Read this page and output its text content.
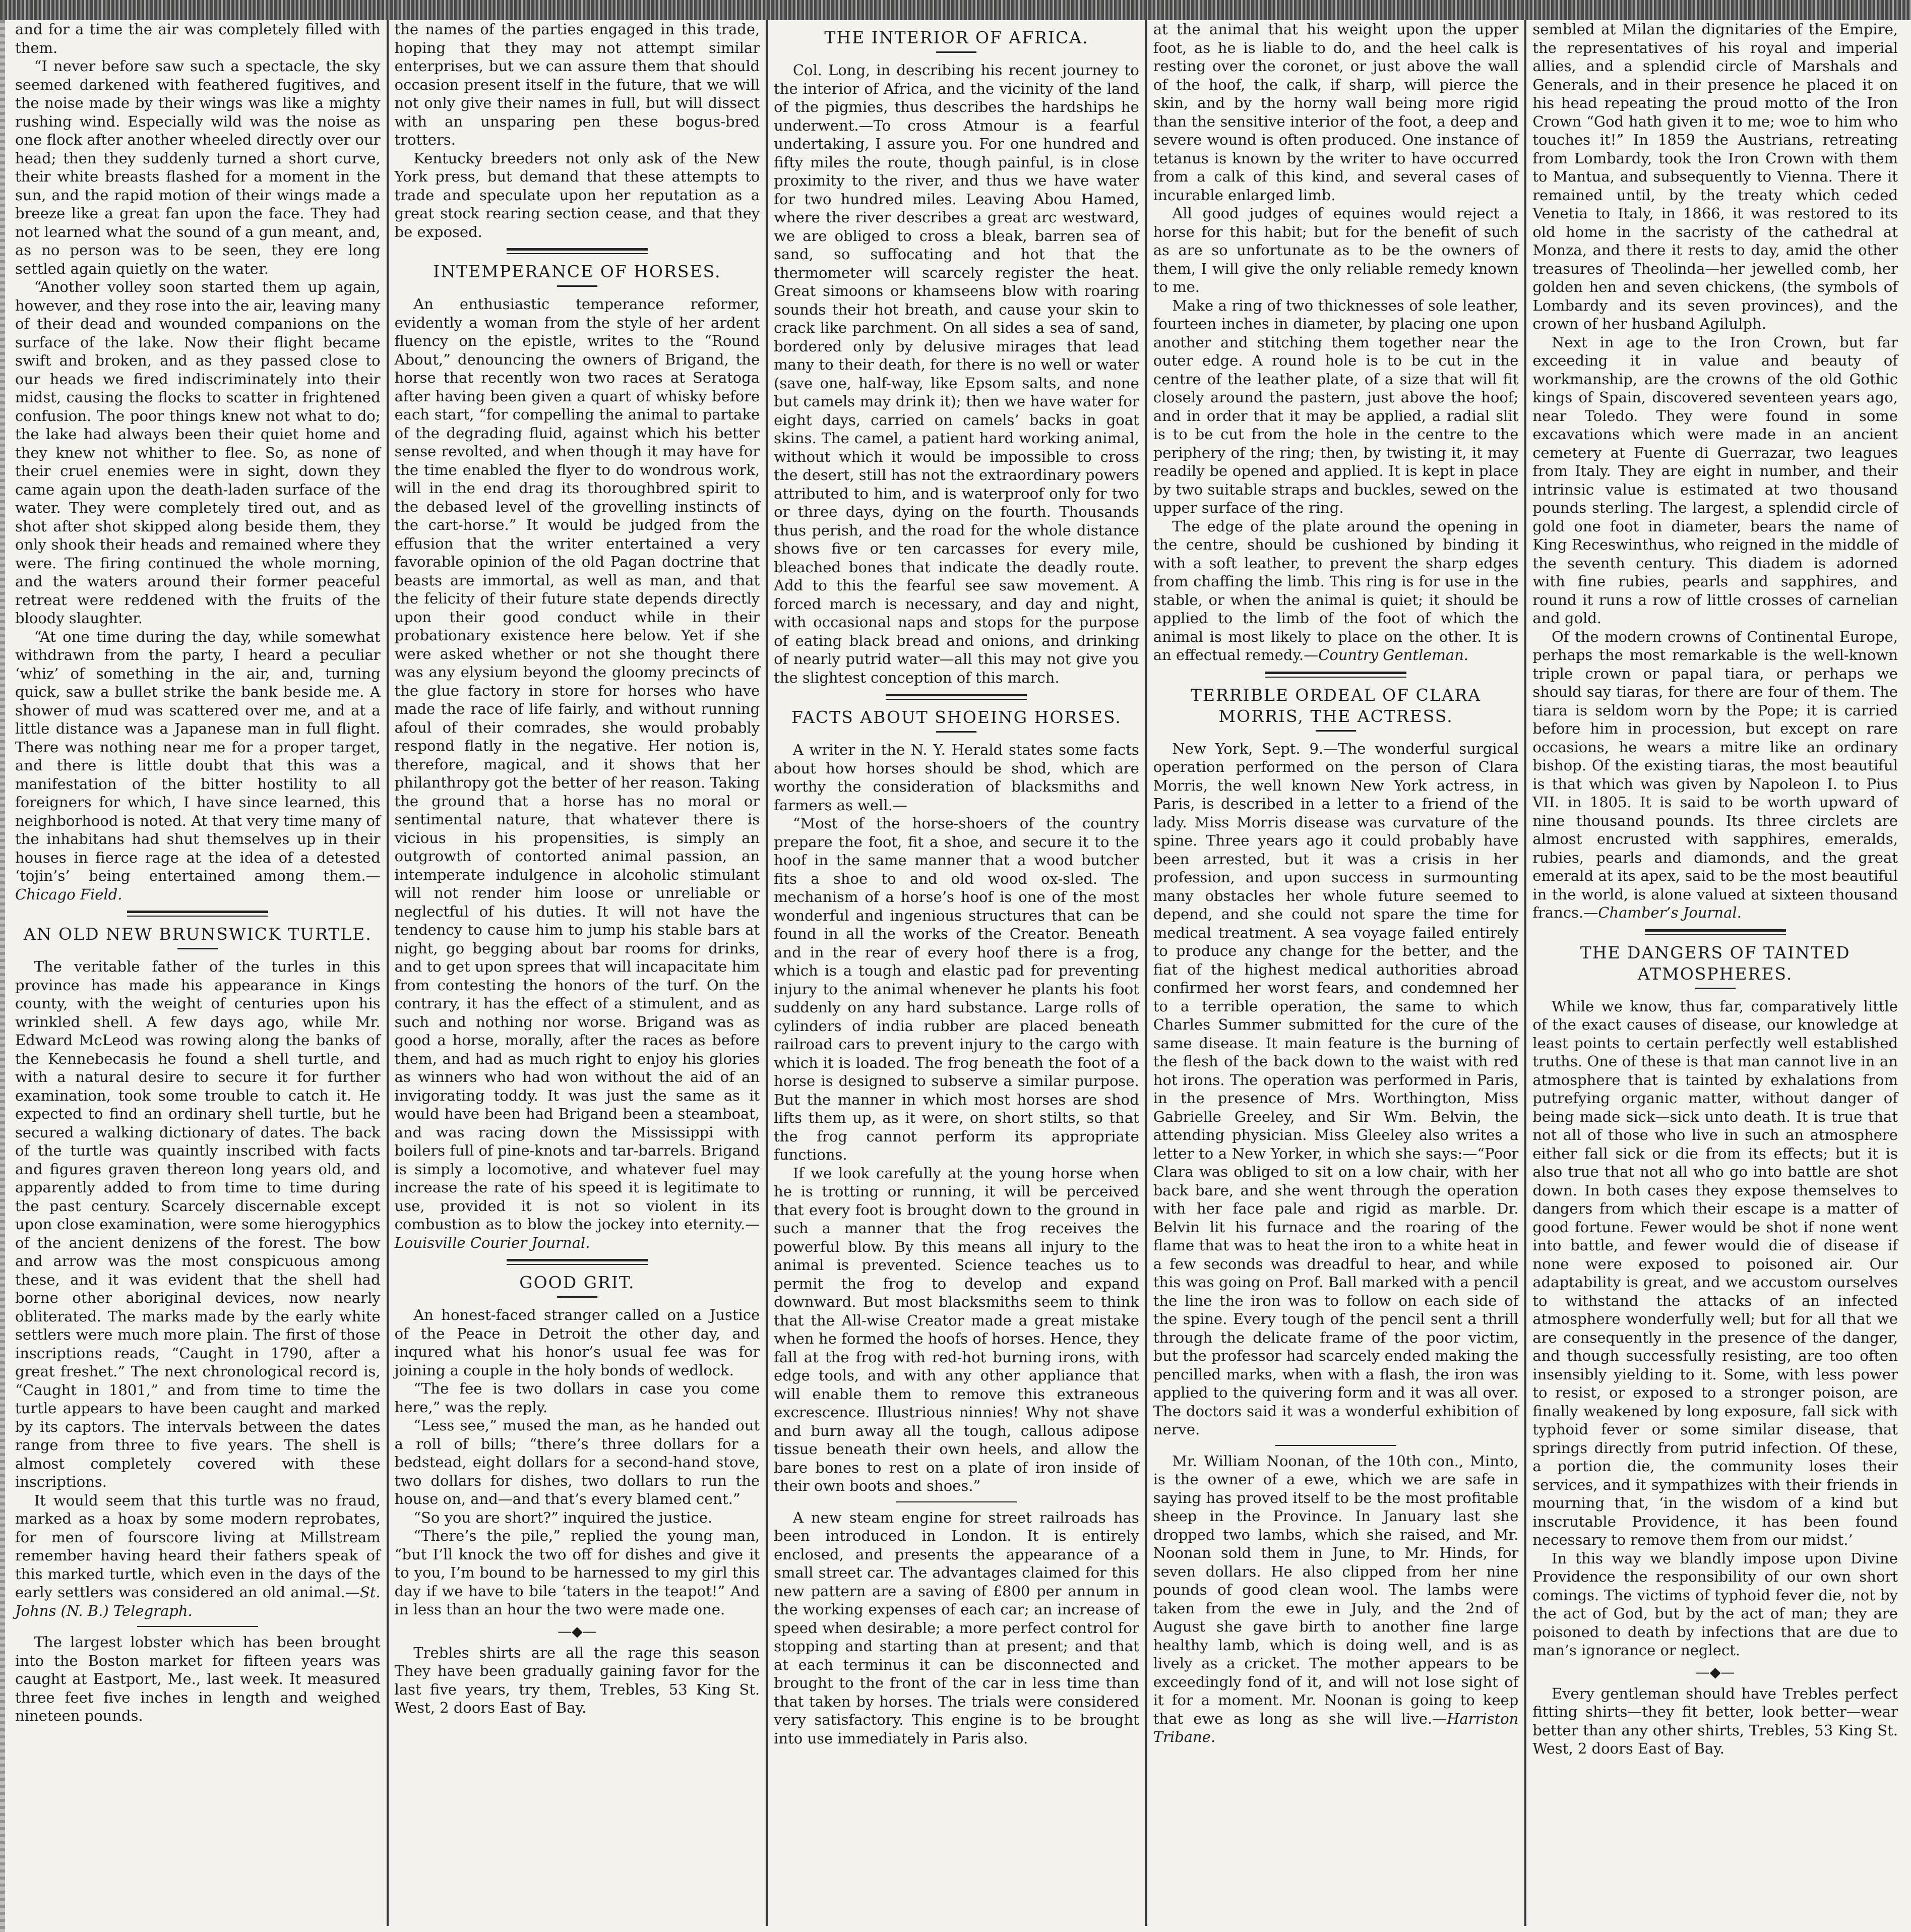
and for a time the air was completely filled with them.

“I never before saw such a spectacle, the sky seemed darkened with feathered fugitives, and the noise made by their wings was like a mighty rushing wind. Especially wild was the noise as one flock after another wheeled directly over our head; then they suddenly turned a short curve, their white breasts flashed for a moment in the sun, and the rapid motion of their wings made a breeze like a great fan upon the face. They had not learned what the sound of a gun meant, and, as no person was to be seen, they ere long settled again quietly on the water.

“Another volley soon started them up again, however, and they rose into the air, leaving many of their dead and wounded companions on the surface of the lake. Now their flight became swift and broken, and as they passed close to our heads we fired indiscriminately into their midst, causing the flocks to scatter in frightened confusion. The poor things knew not what to do; the lake had always been their quiet home and they knew not whither to flee. So, as none of their cruel enemies were in sight, down they came again upon the death-laden surface of the water. They were completely tired out, and as shot after shot skipped along beside them, they only shook their heads and remained where they were. The firing continued the whole morning, and the waters around their former peaceful retreat were reddened with the fruits of the bloody slaughter.

“At one time during the day, while somewhat withdrawn from the party, I heard a peculiar ‘whiz’ of something in the air, and, turning quick, saw a bullet strike the bank beside me. A shower of mud was scattered over me, and at a little distance was a Japanese man in full flight. There was nothing near me for a proper target, and there is little doubt that this was a manifestation of the bitter hostility to all foreigners for which, I have since learned, this neighborhood is noted. At that very time many of the inhabitans had shut themselves up in their houses in fierce rage at the idea of a detested ‘tojin’s’ being entertained among them.—Chicago Field.

AN OLD NEW BRUNSWICK TURTLE.

The veritable father of the turles in this province has made his appearance in Kings county, with the weight of centuries upon his wrinkled shell. A few days ago, while Mr. Edward McLeod was rowing along the banks of the Kennebecasis he found a shell turtle, and with a natural desire to secure it for further examination, took some trouble to catch it. He expected to find an ordinary shell turtle, but he secured a walking dictionary of dates. The back of the turtle was quaintly inscribed with facts and figures graven thereon long years old, and apparently added to from time to time during the past century. Scarcely discernable except upon close examination, were some hierogyphics of the ancient denizens of the forest. The bow and arrow was the most conspicuous among these, and it was evident that the shell had borne other aboriginal devices, now nearly obliterated. The marks made by the early white settlers were much more plain. The first of those inscriptions reads, “Caught in 1790, after a great freshet.” The next chronological record is, “Caught in 1801,” and from time to time the turtle appears to have been caught and marked by its captors. The intervals between the dates range from three to five years. The shell is almost completely covered with these inscriptions.

It would seem that this turtle was no fraud, marked as a hoax by some modern reprobates, for men of fourscore living at Millstream remember having heard their fathers speak of this marked turtle, which even in the days of the early settlers was considered an old animal.—St. Johns (N. B.) Telegraph.

The largest lobster which has been brought into the Boston market for fifteen years was caught at Eastport, Me., last week. It measured three feet five inches in length and weighed nineteen pounds.

the names of the parties engaged in this trade, hoping that they may not attempt similar enterprises, but we can assure them that should occasion present itself in the future, that we will not only give their names in full, but will dissect with an unsparing pen these bogus-bred trotters.

Kentucky breeders not only ask of the New York press, but demand that these attempts to trade and speculate upon her reputation as a great stock rearing section cease, and that they be exposed.

INTEMPERANCE OF HORSES.

An enthusiastic temperance reformer, evidently a woman from the style of her ardent fluency on the epistle, writes to the “Round About,” denouncing the owners of Brigand, the horse that recently won two races at Seratoga after having been given a quart of whisky before each start, “for compelling the animal to partake of the degrading fluid, against which his better sense revolted, and when though it may have for the time enabled the flyer to do wondrous work, will in the end drag its thoroughbred spirit to the debased level of the grovelling instincts of the cart-horse.” It would be judged from the effusion that the writer entertained a very favorable opinion of the old Pagan doctrine that beasts are immortal, as well as man, and that the felicity of their future state depends directly upon their good conduct while in their probationary existence here below. Yet if she were asked whether or not she thought there was any elysium beyond the gloomy precincts of the glue factory in store for horses who have made the race of life fairly, and without running afoul of their comrades, she would probably respond flatly in the negative. Her notion is, therefore, magical, and it shows that her philanthropy got the better of her reason. Taking the ground that a horse has no moral or sentimental nature, that whatever there is vicious in his propensities, is simply an outgrowth of contorted animal passion, an intemperate indulgence in alcoholic stimulant will not render him loose or unreliable or neglectful of his duties. It will not have the tendency to cause him to jump his stable bars at night, go begging about bar rooms for drinks, and to get upon sprees that will incapacitate him from contesting the honors of the turf. On the contrary, it has the effect of a stimulent, and as such and nothing nor worse. Brigand was as good a horse, morally, after the races as before them, and had as much right to enjoy his glories as winners who had won without the aid of an invigorating toddy. It was just the same as it would have been had Brigand been a steamboat, and was racing down the Mississippi with boilers full of pine-knots and tar-barrels. Brigand is simply a locomotive, and whatever fuel may increase the rate of his speed it is legitimate to use, provided it is not so violent in its combustion as to blow the jockey into eternity.—Louisville Courier Journal.

GOOD GRIT.

An honest-faced stranger called on a Justice of the Peace in Detroit the other day, and inqured what his honor’s usual fee was for joining a couple in the holy bonds of wedlock.

“The fee is two dollars in case you come here,” was the reply.

“Less see,” mused the man, as he handed out a roll of bills; “there’s three dollars for a bedstead, eight dollars for a second-hand stove, two dollars for dishes, two dollars to run the house on, and—and that’s every blamed cent.”

“So you are short?” inquired the justice.

“There’s the pile,” replied the young man, “but I’ll knock the two off for dishes and give it to you, I’m bound to be harnessed to my girl this day if we have to bile ‘taters in the teapot!” And in less than an hour the two were made one.

—◆—

Trebles shirts are all the rage this season They have been gradually gaining favor for the last five years, try them, Trebles, 53 King St. West, 2 doors East of Bay.

THE INTERIOR OF AFRICA.

Col. Long, in describing his recent journey to the interior of Africa, and the vicinity of the land of the pigmies, thus describes the hardships he underwent.—To cross Atmour is a fearful undertaking, I assure you. For one hundred and fifty miles the route, though painful, is in close proximity to the river, and thus we have water for two hundred miles. Leaving Abou Hamed, where the river describes a great arc westward, we are obliged to cross a bleak, barren sea of sand, so suffocating and hot that the thermometer will scarcely register the heat. Great simoons or khamseens blow with roaring sounds their hot breath, and cause your skin to crack like parchment. On all sides a sea of sand, bordered only by delusive mirages that lead many to their death, for there is no well or water (save one, half-way, like Epsom salts, and none but camels may drink it); then we have water for eight days, carried on camels’ backs in goat skins. The camel, a patient hard working animal, without which it would be impossible to cross the desert, still has not the extraordinary powers attributed to him, and is waterproof only for two or three days, dying on the fourth. Thousands thus perish, and the road for the whole distance shows five or ten carcasses for every mile, bleached bones that indicate the deadly route. Add to this the fearful see saw movement. A forced march is necessary, and day and night, with occasional naps and stops for the purpose of eating black bread and onions, and drinking of nearly putrid water—all this may not give you the slightest conception of this march.

FACTS ABOUT SHOEING HORSES.

A writer in the N. Y. Herald states some facts about how horses should be shod, which are worthy the consideration of blacksmiths and farmers as well.—

“Most of the horse-shoers of the country prepare the foot, fit a shoe, and secure it to the hoof in the same manner that a wood butcher fits a shoe to and old wood ox-sled. The mechanism of a horse’s hoof is one of the most wonderful and ingenious structures that can be found in all the works of the Creator. Beneath and in the rear of every hoof there is a frog, which is a tough and elastic pad for preventing injury to the animal whenever he plants his foot suddenly on any hard substance. Large rolls of cylinders of india rubber are placed beneath railroad cars to prevent injury to the cargo with which it is loaded. The frog beneath the foot of a horse is designed to subserve a similar purpose. But the manner in which most horses are shod lifts them up, as it were, on short stilts, so that the frog cannot perform its appropriate functions.

If we look carefully at the young horse when he is trotting or running, it will be perceived that every foot is brought down to the ground in such a manner that the frog receives the powerful blow. By this means all injury to the animal is prevented. Science teaches us to permit the frog to develop and expand downward. But most blacksmiths seem to think that the All-wise Creator made a great mistake when he formed the hoofs of horses. Hence, they fall at the frog with red-hot burning irons, with edge tools, and with any other appliance that will enable them to remove this extraneous excrescence. Illustrious ninnies! Why not shave and burn away all the tough, callous adipose tissue beneath their own heels, and allow the bare bones to rest on a plate of iron inside of their own boots and shoes.”

A new steam engine for street railroads has been introduced in London. It is entirely enclosed, and presents the appearance of a small street car. The advantages claimed for this new pattern are a saving of £800 per annum in the working expenses of each car; an increase of speed when desirable; a more perfect control for stopping and starting than at present; and that at each terminus it can be disconnected and brought to the front of the car in less time than that taken by horses. The trials were considered very satisfactory. This engine is to be brought into use immediately in Paris also.

at the animal that his weight upon the upper foot, as he is liable to do, and the heel calk is resting over the coronet, or just above the wall of the hoof, the calk, if sharp, will pierce the skin, and by the horny wall being more rigid than the sensitive interior of the foot, a deep and severe wound is often produced. One instance of tetanus is known by the writer to have occurred from a calk of this kind, and several cases of incurable enlarged limb.

All good judges of equines would reject a horse for this habit; but for the benefit of such as are so unfortunate as to be the owners of them, I will give the only reliable remedy known to me.

Make a ring of two thicknesses of sole leather, fourteen inches in diameter, by placing one upon another and stitching them together near the outer edge. A round hole is to be cut in the centre of the leather plate, of a size that will fit closely around the pastern, just above the hoof; and in order that it may be applied, a radial slit is to be cut from the hole in the centre to the periphery of the ring; then, by twisting it, it may readily be opened and applied. It is kept in place by two suitable straps and buckles, sewed on the upper surface of the ring.

The edge of the plate around the opening in the centre, should be cushioned by binding it with a soft leather, to prevent the sharp edges from chaffing the limb. This ring is for use in the stable, or when the animal is quiet; it should be applied to the limb of the foot of which the animal is most likely to place on the other. It is an effectual remedy.—Country Gentleman.

TERRIBLE ORDEAL OF CLARA MORRIS, THE ACTRESS.

New York, Sept. 9.—The wonderful surgical operation performed on the person of Clara Morris, the well known New York actress, in Paris, is described in a letter to a friend of the lady. Miss Morris disease was curvature of the spine. Three years ago it could probably have been arrested, but it was a crisis in her profession, and upon success in surmounting many obstacles her whole future seemed to depend, and she could not spare the time for medical treatment. A sea voyage failed entirely to produce any change for the better, and the fiat of the highest medical authorities abroad confirmed her worst fears, and condemned her to a terrible operation, the same to which Charles Summer submitted for the cure of the same disease. It main feature is the burning of the flesh of the back down to the waist with red hot irons. The operation was performed in Paris, in the presence of Mrs. Worthington, Miss Gabrielle Greeley, and Sir Wm. Belvin, the attending physician. Miss Gleeley also writes a letter to a New Yorker, in which she says:—“Poor Clara was obliged to sit on a low chair, with her back bare, and she went through the operation with her face pale and rigid as marble. Dr. Belvin lit his furnace and the roaring of the flame that was to heat the iron to a white heat in a few seconds was dreadful to hear, and while this was going on Prof. Ball marked with a pencil the line the iron was to follow on each side of the spine. Every tough of the pencil sent a thrill through the delicate frame of the poor victim, but the professor had scarcely ended making the pencilled marks, when with a flash, the iron was applied to the quivering form and it was all over. The doctors said it was a wonderful exhibition of nerve.

Mr. William Noonan, of the 10th con., Minto, is the owner of a ewe, which we are safe in saying has proved itself to be the most profitable sheep in the Province. In January last she dropped two lambs, which she raised, and Mr. Noonan sold them in June, to Mr. Hinds, for seven dollars. He also clipped from her nine pounds of good clean wool. The lambs were taken from the ewe in July, and the 2nd of August she gave birth to another fine large healthy lamb, which is doing well, and is as lively as a cricket. The mother appears to be exceedingly fond of it, and will not lose sight of it for a moment. Mr. Noonan is going to keep that ewe as long as she will live.—Harriston Tribane.

sembled at Milan the dignitaries of the Empire, the representatives of his royal and imperial allies, and a splendid circle of Marshals and Generals, and in their presence he placed it on his head repeating the proud motto of the Iron Crown “God hath given it to me; woe to him who touches it!” In 1859 the Austrians, retreating from Lombardy, took the Iron Crown with them to Mantua, and subsequently to Vienna. There it remained until, by the treaty which ceded Venetia to Italy, in 1866, it was restored to its old home in the sacristy of the cathedral at Monza, and there it rests to day, amid the other treasures of Theolinda—her jewelled comb, her golden hen and seven chickens, (the symbols of Lombardy and its seven provinces), and the crown of her husband Agilulph.

Next in age to the Iron Crown, but far exceeding it in value and beauty of workmanship, are the crowns of the old Gothic kings of Spain, discovered seventeen years ago, near Toledo. They were found in some excavations which were made in an ancient cemetery at Fuente di Guerrazar, two leagues from Italy. They are eight in number, and their intrinsic value is estimated at two thousand pounds sterling. The largest, a splendid circle of gold one foot in diameter, bears the name of King Receswinthus, who reigned in the middle of the seventh century. This diadem is adorned with fine rubies, pearls and sapphires, and round it runs a row of little crosses of carnelian and gold.

Of the modern crowns of Continental Europe, perhaps the most remarkable is the well-known triple crown or papal tiara, or perhaps we should say tiaras, for there are four of them. The tiara is seldom worn by the Pope; it is carried before him in procession, but except on rare occasions, he wears a mitre like an ordinary bishop. Of the existing tiaras, the most beautiful is that which was given by Napoleon I. to Pius VII. in 1805. It is said to be worth upward of nine thousand pounds. Its three circlets are almost encrusted with sapphires, emeralds, rubies, pearls and diamonds, and the great emerald at its apex, said to be the most beautiful in the world, is alone valued at sixteen thousand francs.—Chamber’s Journal.

THE DANGERS OF TAINTED ATMOSPHERES.

While we know, thus far, comparatively little of the exact causes of disease, our knowledge at least points to certain perfectly well established truths. One of these is that man cannot live in an atmosphere that is tainted by exhalations from putrefying organic matter, without danger of being made sick—sick unto death. It is true that not all of those who live in such an atmosphere either fall sick or die from its effects; but it is also true that not all who go into battle are shot down. In both cases they expose themselves to dangers from which their escape is a matter of good fortune. Fewer would be shot if none went into battle, and fewer would die of disease if none were exposed to poisoned air. Our adaptability is great, and we accustom ourselves to withstand the attacks of an infected atmosphere wonderfully well; but for all that we are consequently in the presence of the danger, and though successfully resisting, are too often insensibly yielding to it. Some, with less power to resist, or exposed to a stronger poison, are finally weakened by long exposure, fall sick with typhoid fever or some similar disease, that springs directly from putrid infection. Of these, a portion die, the community loses their services, and it sympathizes with their friends in mourning that, ‘in the wisdom of a kind but inscrutable Providence, it has been found necessary to remove them from our midst.’

In this way we blandly impose upon Divine Providence the responsibility of our own short comings. The victims of typhoid fever die, not by the act of God, but by the act of man; they are poisoned to death by infections that are due to man’s ignorance or neglect.

—◆—

Every gentleman should have Trebles perfect fitting shirts—they fit better, look better—wear better than any other shirts, Trebles, 53 King St. West, 2 doors East of Bay.
